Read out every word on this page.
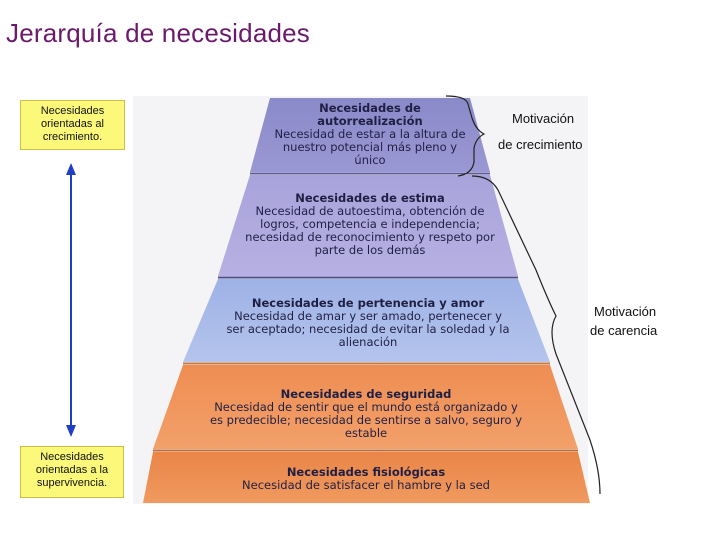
Jerarquía de necesidades
Necesidades orientadas al crecimiento.
Necesidades de autorrealización
Necesidad de estar a la altura de nuestro potencial más pleno y único
Necesidades de estima
Necesidad de autoestima, obtención de logros, competencia e independencia; necesidad de reconocimiento y respeto por parte de los demás
Necesidades de pertenencia y amor
Necesidad de amar y ser amado, pertenecer y ser aceptado; necesidad de evitar la soledad y la alienación
Necesidades de seguridad
Necesidad de sentir que el mundo está organizado y es predecible; necesidad de sentirse a salvo, seguro y estable
Necesidades fisiológicas
Necesidad de satisfacer el hambre y la sed
Necesidades orientadas a la supervivencia.
Motivación
de crecimiento
Motivación
de carencia
